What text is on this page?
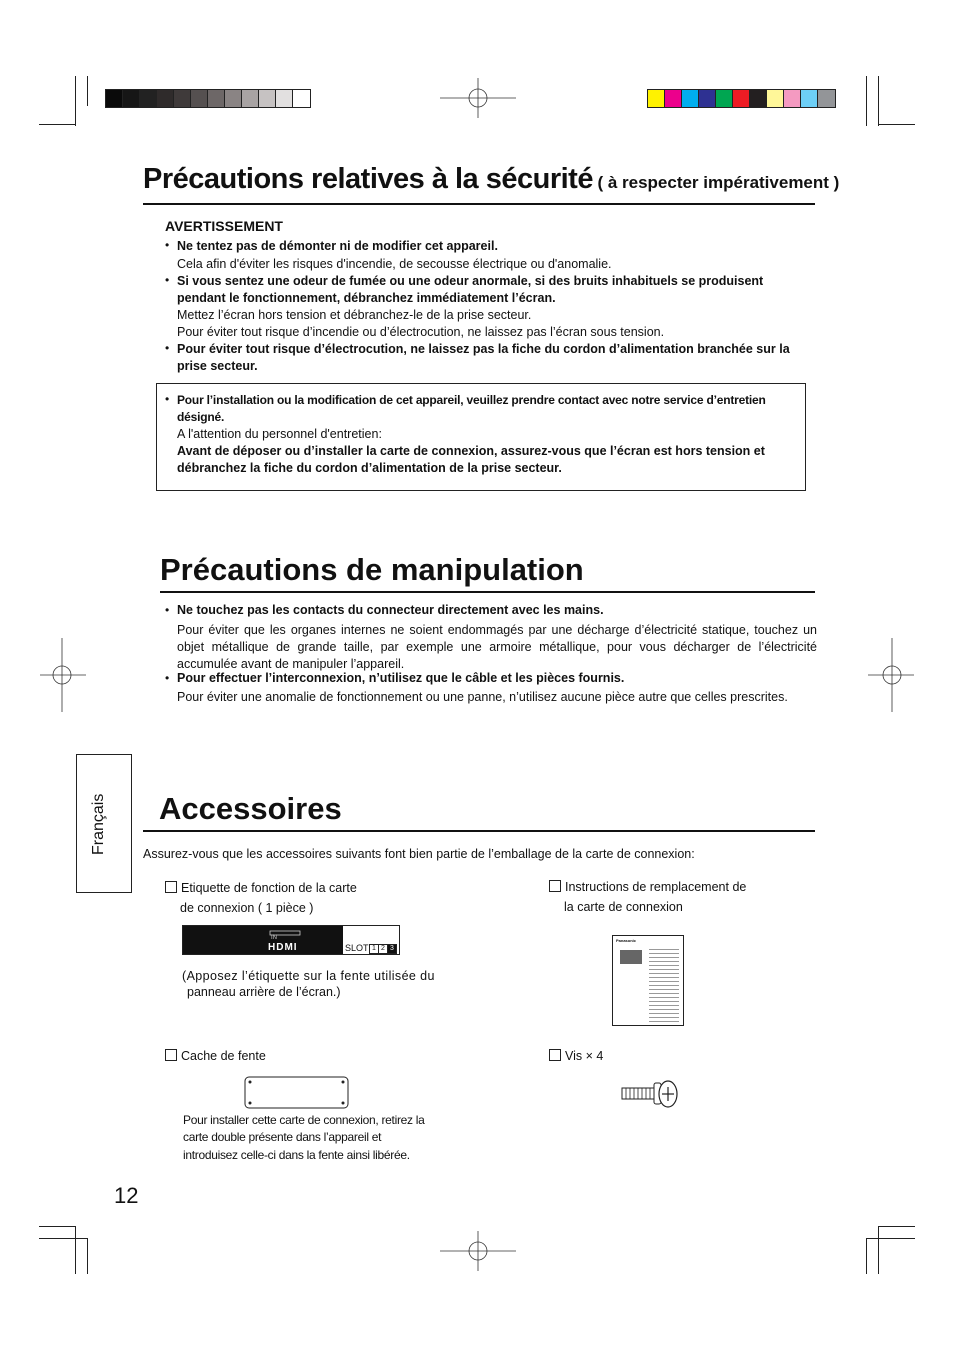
Précautions relatives à la sécurité ( à respecter impérativement )
AVERTISSEMENT
• Ne tentez pas de démonter ni de modifier cet appareil.
Cela afin d'éviter les risques d'incendie, de secousse électrique ou d'anomalie.
• Si vous sentez une odeur de fumée ou une odeur anormale, si des bruits inhabituels se produisent pendant le fonctionnement, débranchez immédiatement l’écran.
Mettez l’écran hors tension et débranchez-le de la prise secteur.
Pour éviter tout risque d’incendie ou d’électrocution, ne laissez pas l’écran sous tension.
• Pour éviter tout risque d’électrocution, ne laissez pas la fiche du cordon d’alimentation branchée sur la prise secteur.
• Pour l’installation ou la modification de cet appareil, veuillez prendre contact avec notre service d’entretien désigné.
A l'attention du personnel d'entretien:
Avant de déposer ou d’installer la carte de connexion, assurez-vous que l’écran est hors tension et débranchez la fiche du cordon d’alimentation de la prise secteur.
Précautions de manipulation
• Ne touchez pas les contacts du connecteur directement avec les mains.
Pour éviter que les organes internes ne soient endommagés par une décharge d’électricité statique, touchez un objet métallique de grande taille, par exemple une armoire métallique, pour vous décharger de l’électricité accumulée avant de manipuler l’appareil.
• Pour effectuer l’interconnexion, n’utilisez que le câble et les pièces fournis.
Pour éviter une anomalie de fonctionnement ou une panne, n’utilisez aucune pièce autre que celles prescrites.
Français Accessoires
Assurez-vous que les accessoires suivants font bien partie de l’emballage de la carte de connexion:
Etiquette de fonction de la carte
de connexion ( 1 pièce )
IN
HDMI	SLOT 1 2 3
(Apposez l’étiquette sur la fente utilisée du
panneau arrière de l’écran.)
Instructions de remplacement de
la carte de connexion
Panasonic
Cache de fente
Pour installer cette carte de connexion, retirez la
carte double présente dans l’appareil et
introduisez celle-ci dans la fente ainsi libérée.
Vis × 4
12
